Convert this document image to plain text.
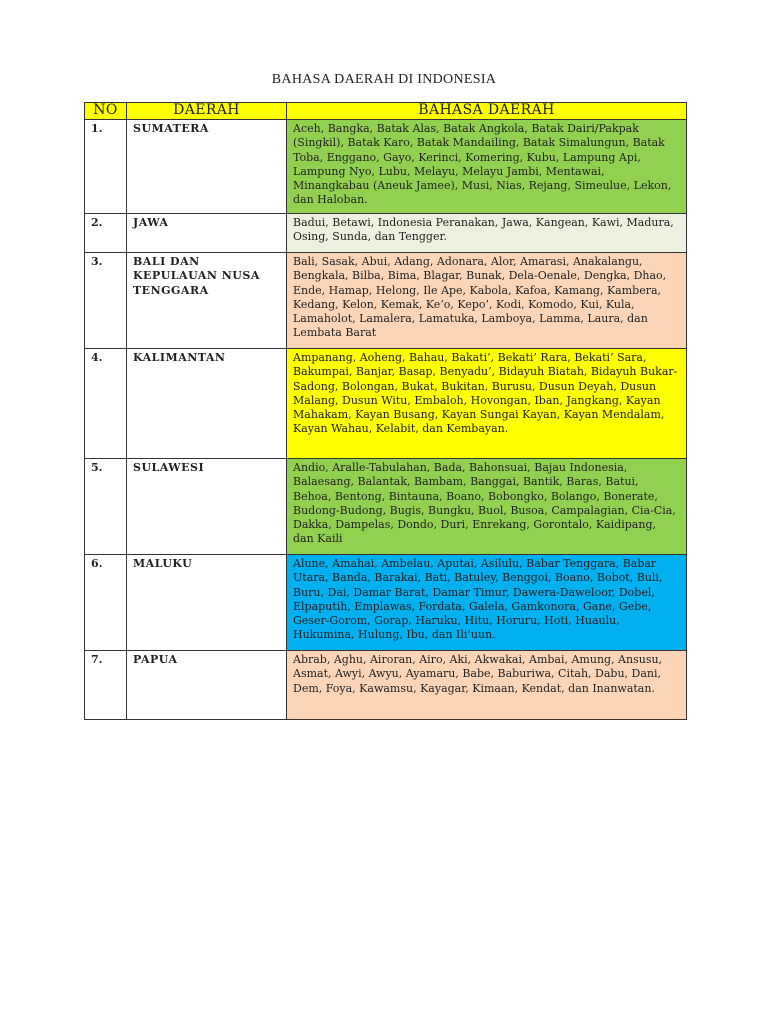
BAHASA DAERAH DI INDONESIA
NO	DAERAH	BAHASA DAERAH
1.	SUMATERA	Aceh, Bangka, Batak Alas, Batak Angkola, Batak Dairi/Pakpak (Singkil), Batak Karo, Batak Mandailing, Batak Simalungun, Batak Toba, Enggano, Gayo, Kerinci, Komering, Kubu, Lampung Api, Lampung Nyo, Lubu, Melayu, Melayu Jambi, Mentawai, Minangkabau (Aneuk Jamee), Musi, Nias, Rejang, Simeulue, Lekon, dan Haloban.
2.	JAWA	Badui, Betawi, Indonesia Peranakan, Jawa, Kangean, Kawi, Madura, Osing, Sunda, dan Tengger.
3.	BALI DAN KEPULAUAN NUSA TENGGARA	Bali, Sasak, Abui, Adang, Adonara, Alor, Amarasi, Anakalangu, Bengkala, Bilba, Bima, Blagar, Bunak, Dela-Oenale, Dengka, Dhao, Ende, Hamap, Helong, Ile Ape, Kabola, Kafoa, Kamang, Kambera, Kedang, Kelon, Kemak, Ke’o, Kepo’, Kodi, Komodo, Kui, Kula, Lamaholot, Lamalera, Lamatuka, Lamboya, Lamma, Laura, dan Lembata Barat
4.	KALIMANTAN	Ampanang, Aoheng, Bahau, Bakati’, Bekati’ Rara, Bekati’ Sara, Bakumpai, Banjar, Basap, Benyadu’, Bidayuh Biatah, Bidayuh Bukar-Sadong, Bolongan, Bukat, Bukitan, Burusu, Dusun Deyah, Dusun Malang, Dusun Witu, Embaloh, Hovongan, Iban, Jangkang, Kayan Mahakam, Kayan Busang, Kayan Sungai Kayan, Kayan Mendalam, Kayan Wahau, Kelabit, dan Kembayan.
5.	SULAWESI	Andio, Aralle-Tabulahan, Bada, Bahonsuai, Bajau Indonesia, Balaesang, Balantak, Bambam, Banggai, Bantik, Baras, Batui, Behoa, Bentong, Bintauna, Boano, Bobongko, Bolango, Bonerate, Budong-Budong, Bugis, Bungku, Buol, Busoa, Campalagian, Cia-Cia, Dakka, Dampelas, Dondo, Duri, Enrekang, Gorontalo, Kaidipang, dan Kaili
6.	MALUKU	Alune, Amahai, Ambelau, Aputai, Asilulu, Babar Tenggara, Babar Utara, Banda, Barakai, Bati, Batuley, Benggoi, Boano, Bobot, Buli, Buru, Dai, Damar Barat, Damar Timur, Dawera-Daweloor, Dobel, Elpaputih, Emplawas, Fordata, Galela, Gamkonora, Gane, Gebe, Geser-Gorom, Gorap, Haruku, Hitu, Horuru, Hoti, Huaulu, Hukumina, Hulung, Ibu, dan Ili’uun.
7.	PAPUA	Abrab, Aghu, Airoran, Airo, Aki, Akwakai, Ambai, Amung, Ansusu, Asmat, Awyi, Awyu, Ayamaru, Babe, Baburiwa, Citah, Dabu, Dani, Dem, Foya, Kawamsu, Kayagar, Kimaan, Kendat, dan Inanwatan.
